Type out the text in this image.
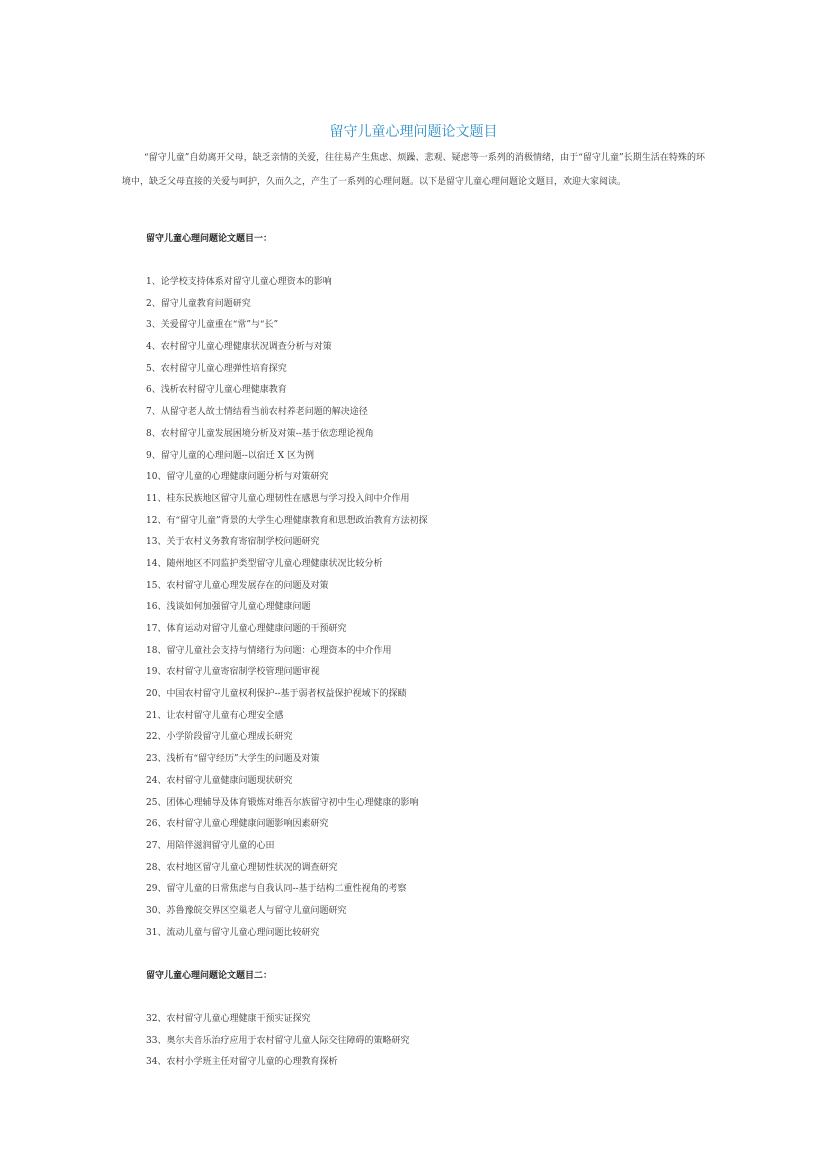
留守儿童心理问题论文题目

“留守儿童”自幼离开父母，缺乏亲情的关爱，往往易产生焦虑、烦躁、悲观、疑虑等一系列的消极情绪，由于“留守儿童”长期生活在特殊的环境中，缺乏父母直接的关爱与呵护，久而久之，产生了一系列的心理问题。以下是留守儿童心理问题论文题目，欢迎大家阅读。

留守儿童心理问题论文题目一：
1、论学校支持体系对留守儿童心理资本的影响
2、留守儿童教育问题研究
3、关爱留守儿童重在“常”与“长”
4、农村留守儿童心理健康状况调查分析与对策
5、农村留守儿童心理弹性培育探究
6、浅析农村留守儿童心理健康教育
7、从留守老人故士情结看当前农村养老问题的解决途径
8、农村留守儿童发展困境分析及对策--基于依恋理论视角
9、留守儿童的心理问题--以宿迁 X 区为例
10、留守儿童的心理健康问题分析与对策研究
11、桂东民族地区留守儿童心理韧性在感恩与学习投入间中介作用
12、有“留守儿童”背景的大学生心理健康教育和思想政治教育方法初探
13、关于农村义务教育寄宿制学校问题研究
14、随州地区不同监护类型留守儿童心理健康状况比较分析
15、农村留守儿童心理发展存在的问题及对策
16、浅谈如何加强留守儿童心理健康问题
17、体育运动对留守儿童心理健康问题的干预研究
18、留守儿童社会支持与情绪行为问题：心理资本的中介作用
19、农村留守儿童寄宿制学校管理问题审视
20、中国农村留守儿童权利保护--基于弱者权益保护视域下的探赜
21、让农村留守儿童有心理安全感
22、小学阶段留守儿童心理成长研究
23、浅析有“留守经历”大学生的问题及对策
24、农村留守儿童健康问题现状研究
25、团体心理辅导及体育锻炼对维吾尔族留守初中生心理健康的影响
26、农村留守儿童心理健康问题影响因素研究
27、用陪伴滋润留守儿童的心田
28、农村地区留守儿童心理韧性状况的调查研究
29、留守儿童的日常焦虑与自我认同--基于结构二重性视角的考察
30、苏鲁豫皖交界区空巢老人与留守儿童问题研究
31、流动儿童与留守儿童心理问题比较研究
留守儿童心理问题论文题目二：
32、农村留守儿童心理健康干预实证探究
33、奥尔夫音乐治疗应用于农村留守儿童人际交往障碍的策略研究
34、农村小学班主任对留守儿童的心理教育探析
